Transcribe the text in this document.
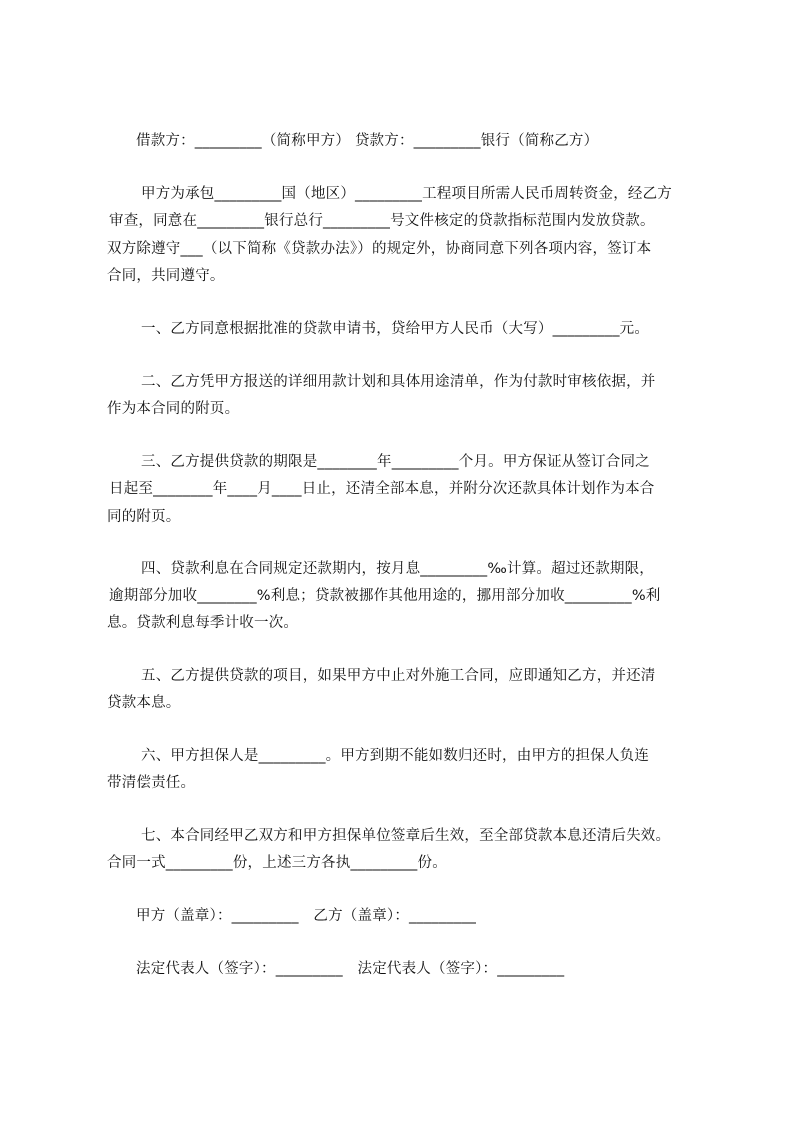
借款方：_________（简称甲方） 贷款方：_________银行（简称乙方）
甲方为承包_________国（地区）_________工程项目所需人民币周转资金，经乙方
审查，同意在_________银行总行_________号文件核定的贷款指标范围内发放贷款。
双方除遵守___（以下简称《贷款办法》）的规定外，协商同意下列各项内容，签订本
合同，共同遵守。
一、乙方同意根据批准的贷款申请书，贷给甲方人民币（大写）_________元。
二、乙方凭甲方报送的详细用款计划和具体用途清单，作为付款时审核依据，并
作为本合同的附页。
三、乙方提供贷款的期限是________年_________个月。甲方保证从签订合同之
日起至________年____月____日止，还清全部本息，并附分次还款具体计划作为本合
同的附页。
四、贷款利息在合同规定还款期内，按月息_________‰计算。超过还款期限，
逾期部分加收________%利息；贷款被挪作其他用途的，挪用部分加收_________%利
息。贷款利息每季计收一次。
五、乙方提供贷款的项目，如果甲方中止对外施工合同，应即通知乙方，并还清
贷款本息。
六、甲方担保人是_________。甲方到期不能如数归还时，由甲方的担保人负连
带清偿责任。
七、本合同经甲乙双方和甲方担保单位签章后生效，至全部贷款本息还清后失效。
合同一式_________份，上述三方各执_________份。
甲方（盖章）：_________　乙方（盖章）：_________
法定代表人（签字）：_________　法定代表人（签字）：_________
